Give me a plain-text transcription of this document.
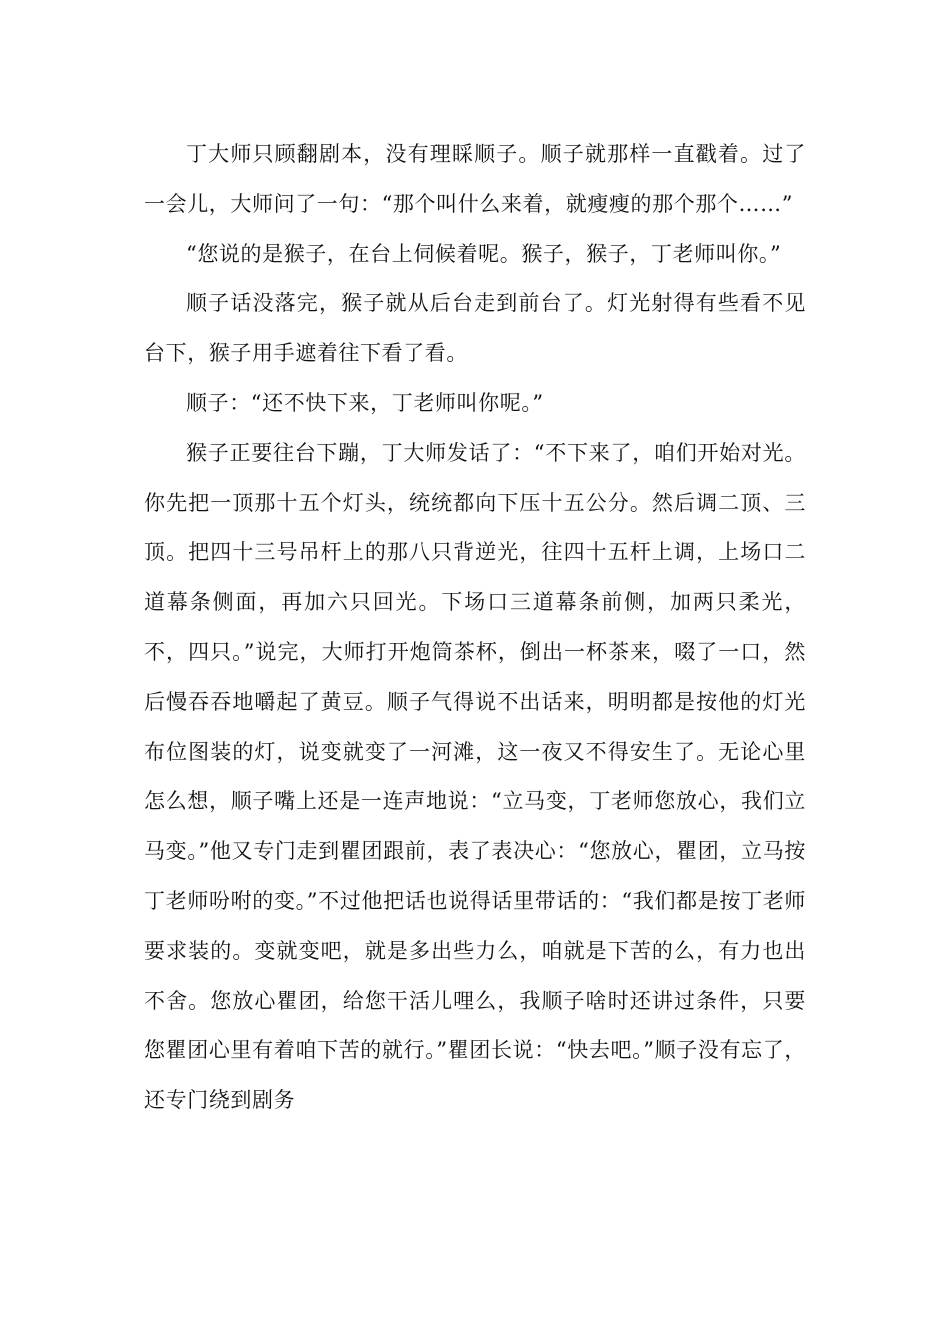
丁大师只顾翻剧本，没有理睬顺子。顺子就那样一直戳着。过了一会儿，大师问了一句：“那个叫什么来着，就瘦瘦的那个那个……”

“您说的是猴子，在台上伺候着呢。猴子，猴子，丁老师叫你。”

顺子话没落完，猴子就从后台走到前台了。灯光射得有些看不见台下，猴子用手遮着往下看了看。

顺子：“还不快下来，丁老师叫你呢。”

猴子正要往台下蹦，丁大师发话了：“不下来了，咱们开始对光。你先把一顶那十五个灯头，统统都向下压十五公分。然后调二顶、三顶。把四十三号吊杆上的那八只背逆光，往四十五杆上调，上场口二道幕条侧面，再加六只回光。下场口三道幕条前侧，加两只柔光，不，四只。”说完，大师打开炮筒茶杯，倒出一杯茶来，啜了一口，然后慢吞吞地嚼起了黄豆。顺子气得说不出话来，明明都是按他的灯光布位图装的灯，说变就变了一河滩，这一夜又不得安生了。无论心里怎么想，顺子嘴上还是一连声地说：“立马变，丁老师您放心，我们立马变。”他又专门走到瞿团跟前，表了表决心：“您放心，瞿团，立马按丁老师吩咐的变。”不过他把话也说得话里带话的：“我们都是按丁老师要求装的。变就变吧，就是多出些力么，咱就是下苦的么，有力也出不舍。您放心瞿团，给您干活儿哩么，我顺子啥时还讲过条件，只要您瞿团心里有着咱下苦的就行。”瞿团长说：“快去吧。”顺子没有忘了，还专门绕到剧务
